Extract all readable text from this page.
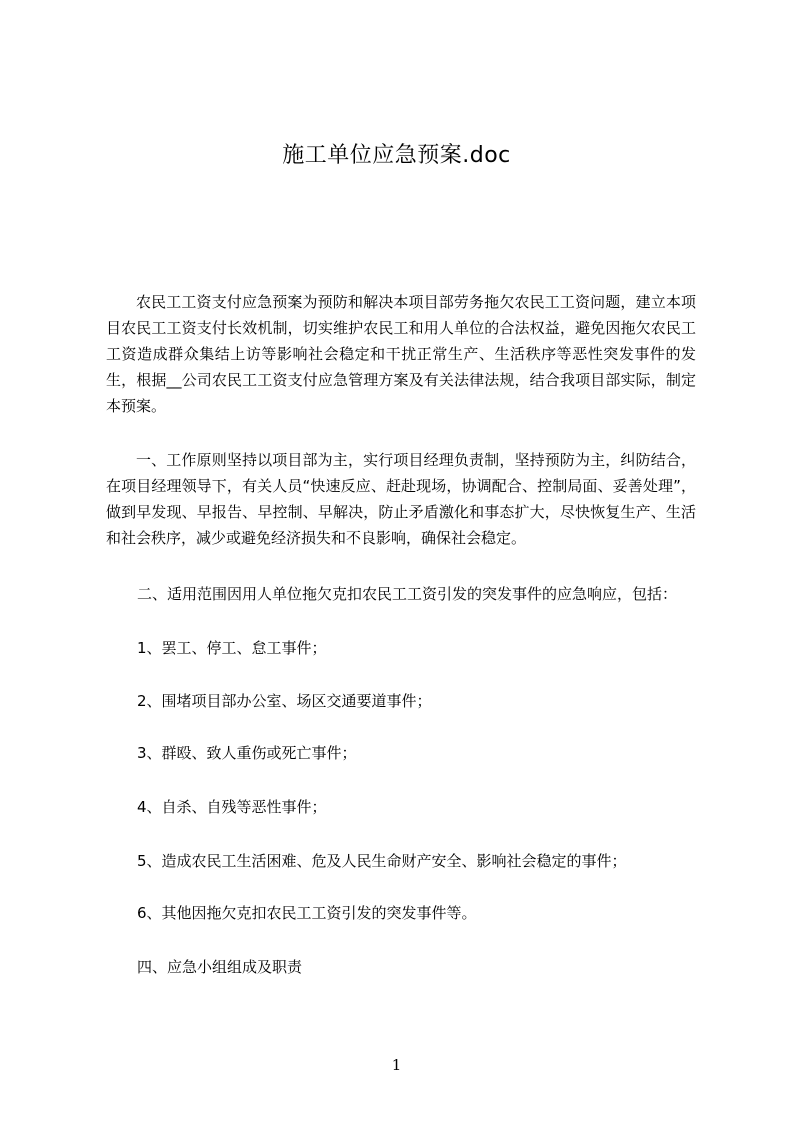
施工单位应急预案.doc

农民工工资支付应急预案为预防和解决本项目部劳务拖欠农民工工资问题，建立本项目农民工工资支付长效机制，切实维护农民工和用人单位的合法权益，避免因拖欠农民工工资造成群众集结上访等影响社会稳定和干扰正常生产、生活秩序等恶性突发事件的发生，根据__公司农民工工资支付应急管理方案及有关法律法规，结合我项目部实际，制定本预案。

一、工作原则坚持以项目部为主，实行项目经理负责制，坚持预防为主，纠防结合，在项目经理领导下，有关人员“快速反应、赶赴现场，协调配合、控制局面、妥善处理”，做到早发现、早报告、早控制、早解决，防止矛盾激化和事态扩大，尽快恢复生产、生活和社会秩序，减少或避免经济损失和不良影响，确保社会稳定。

二、适用范围因用人单位拖欠克扣农民工工资引发的突发事件的应急响应，包括：

1、罢工、停工、怠工事件；

2、围堵项目部办公室、场区交通要道事件；

3、群殴、致人重伤或死亡事件；

4、自杀、自残等恶性事件；

5、造成农民工生活困难、危及人民生命财产安全、影响社会稳定的事件；

6、其他因拖欠克扣农民工工资引发的突发事件等。

四、应急小组组成及职责

1
